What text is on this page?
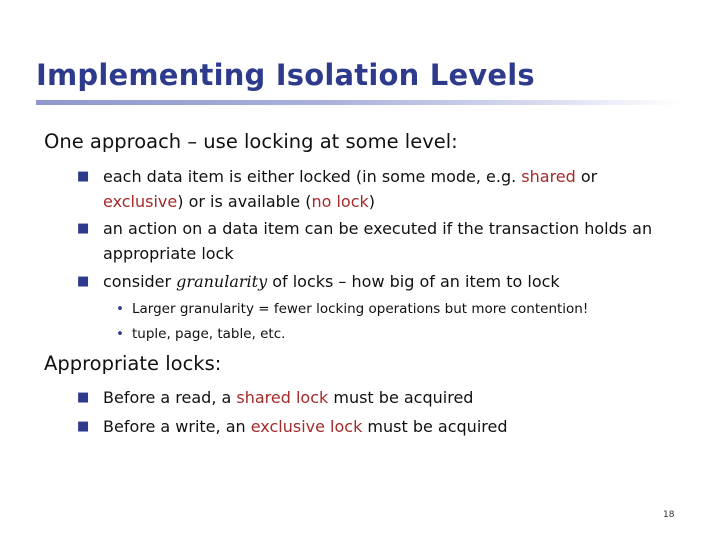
Implementing Isolation Levels
One approach – use locking at some level:
■ each data item is either locked (in some mode, e.g. shared or exclusive) or is available (no lock)
■ an action on a data item can be executed if the transaction holds an appropriate lock
■ consider granularity of locks – how big of an item to lock
• Larger granularity = fewer locking operations but more contention!
• tuple, page, table, etc.
Appropriate locks:
■ Before a read, a shared lock must be acquired
■ Before a write, an exclusive lock must be acquired
18
